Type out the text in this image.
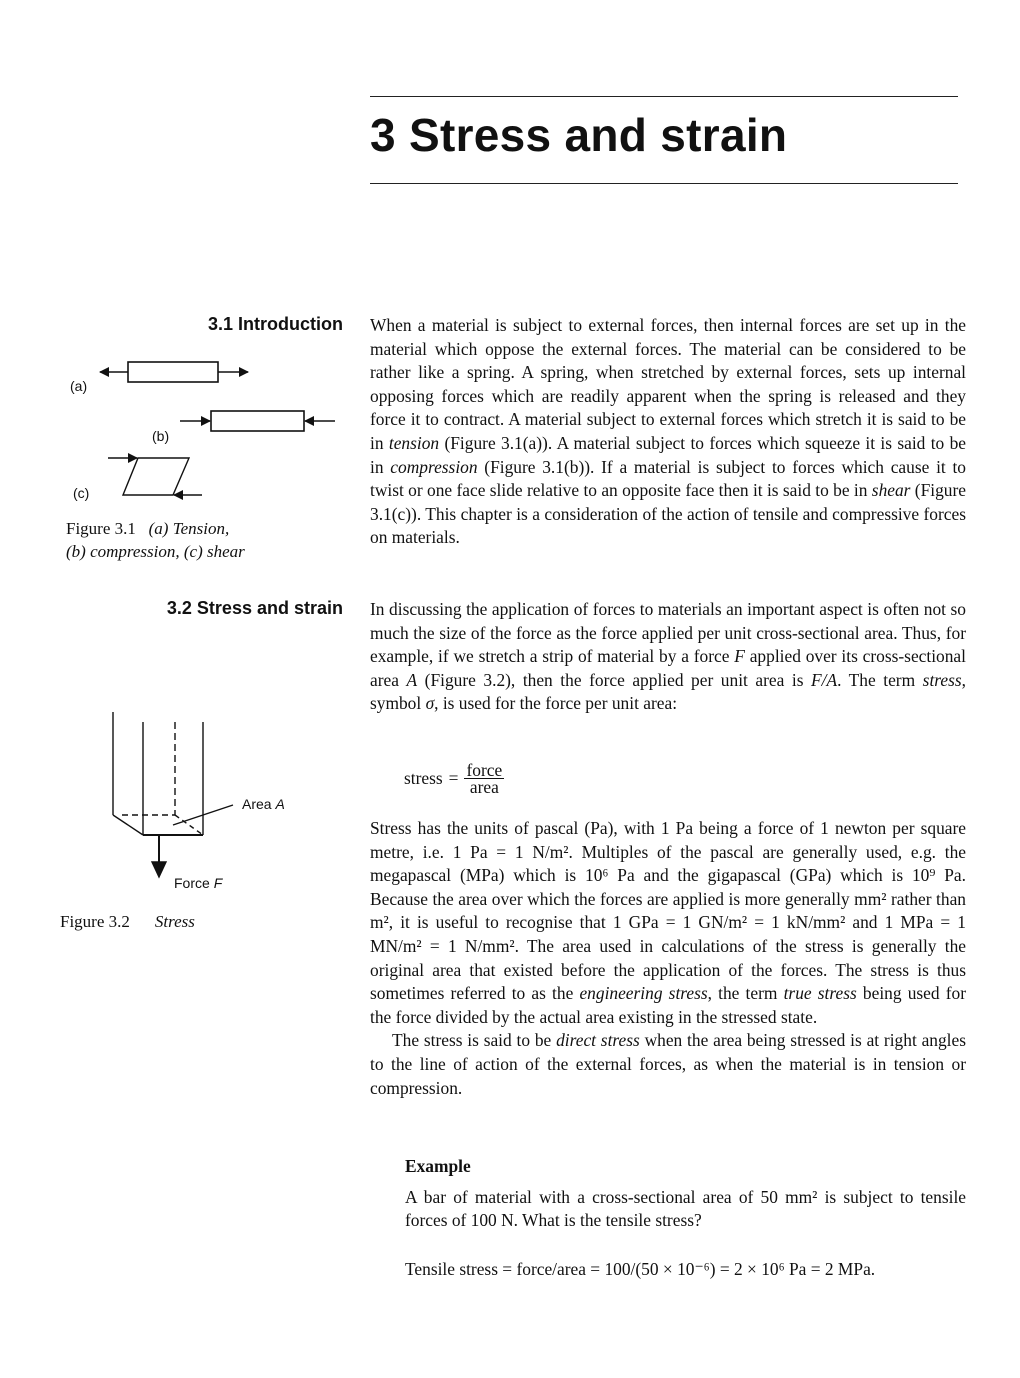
3 Stress and strain
3.1 Introduction
3.2 Stress and strain
(a)
(b)
(c)
Figure 3.1 (a) Tension,
(b) compression, (c) shear
Area A
Force F
Figure 3.2 Stress

When a material is subject to external forces, then internal forces are set up in the material which oppose the external forces. The material can be considered to be rather like a spring. A spring, when stretched by external forces, sets up internal opposing forces which are readily apparent when the spring is released and they force it to contract. A material subject to external forces which stretch it is said to be in tension (Figure 3.1(a)). A material subject to forces which squeeze it is said to be in compression (Figure 3.1(b)). If a material is subject to forces which cause it to twist or one face slide relative to an opposite face then it is said to be in shear (Figure 3.1(c)). This chapter is a consideration of the action of tensile and compressive forces on materials.

In discussing the application of forces to materials an important aspect is often not so much the size of the force as the force applied per unit cross-sectional area. Thus, for example, if we stretch a strip of material by a force F applied over its cross-sectional area A (Figure 3.2), then the force applied per unit area is F/A. The term stress, symbol σ, is used for the force per unit area:

stress = $\frac{\text{force}}{\text{area}}$

Stress has the units of pascal (Pa), with 1 Pa being a force of 1 newton per square metre, i.e. 1 Pa = 1 N/m². Multiples of the pascal are generally used, e.g. the megapascal (MPa) which is 10⁶ Pa and the gigapascal (GPa) which is 10⁹ Pa. Because the area over which the forces are applied is more generally mm² rather than m², it is useful to recognise that 1 GPa = 1 GN/m² = 1 kN/mm² and 1 MPa = 1 MN/m² = 1 N/mm². The area used in calculations of the stress is generally the original area that existed before the application of the forces. The stress is thus sometimes referred to as the engineering stress, the term true stress being used for the force divided by the actual area existing in the stressed state.

The stress is said to be direct stress when the area being stressed is at right angles to the line of action of the external forces, as when the material is in tension or compression.

Example

A bar of material with a cross-sectional area of 50 mm² is subject to tensile forces of 100 N. What is the tensile stress?

Tensile stress = force/area = 100/(50 × 10⁻⁶) = 2 × 10⁶ Pa = 2 MPa.
